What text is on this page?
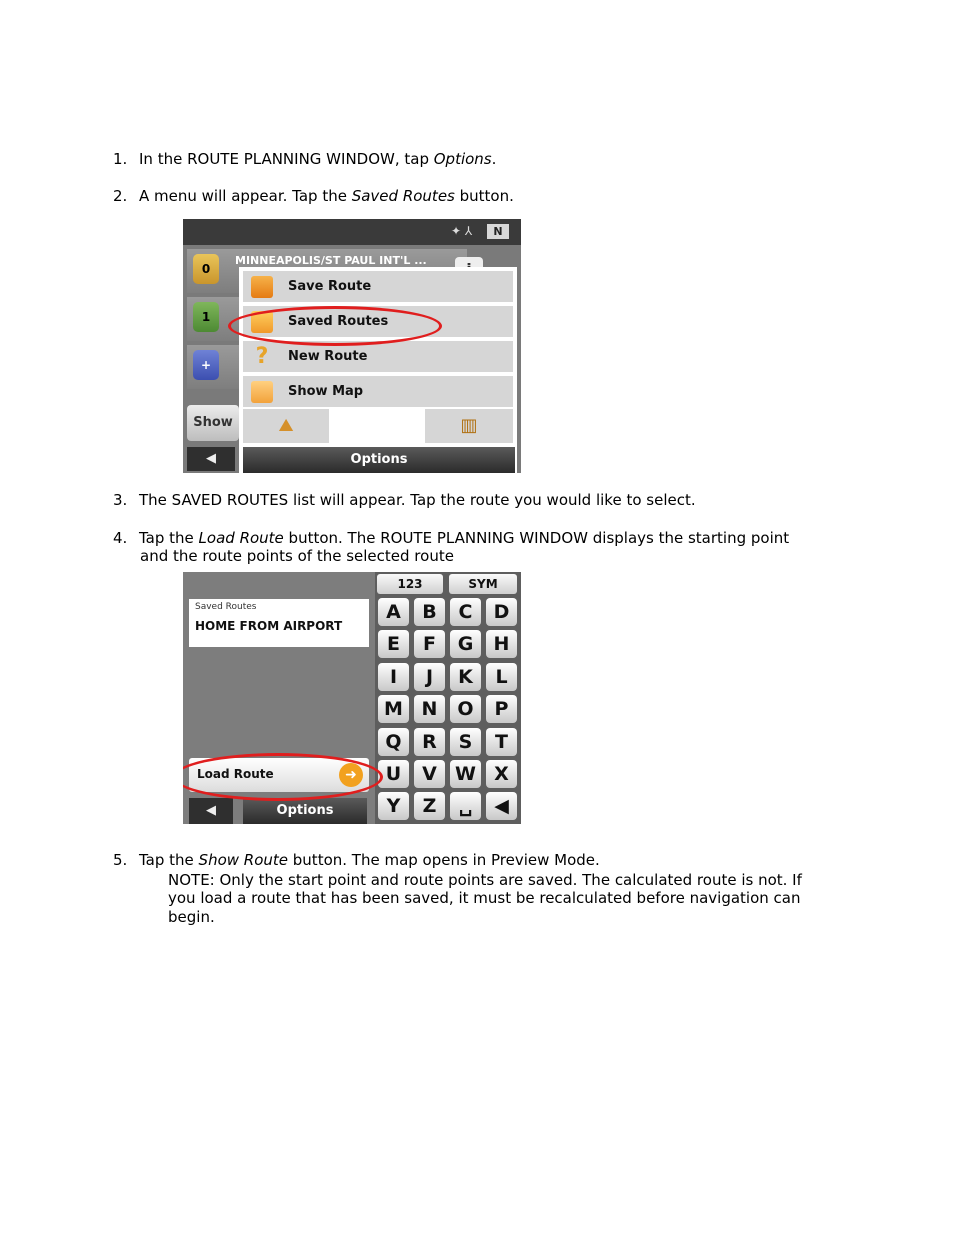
1. In the ROUTE PLANNING WINDOW, tap Options.
2. A menu will appear. Tap the Saved Routes button.
✦ ⅄	N
0
MINNEAPOLIS/ST PAUL INT'L ...
1
+
Show
◀
Save Route
Saved Routes
?	New Route
Show Map
⛰	▥
Options
3. The SAVED ROUTES list will appear. Tap the route you would like to select.
4. Tap the Load Route button. The ROUTE PLANNING WINDOW displays the starting point
and the route points of the selected route
Saved Routes
HOME FROM AIRPORT
Load Route	➜
◀	Options
123	SYM
A	B	C	D
E	F	G	H
I	J	K	L
M N	O	P
Q	R	S	T
U	V W X
Y	Z	␣	◀
5. Tap the Show Route button. The map opens in Preview Mode.
NOTE: Only the start point and route points are saved. The calculated route is not. If
you load a route that has been saved, it must be recalculated before navigation can
begin.
